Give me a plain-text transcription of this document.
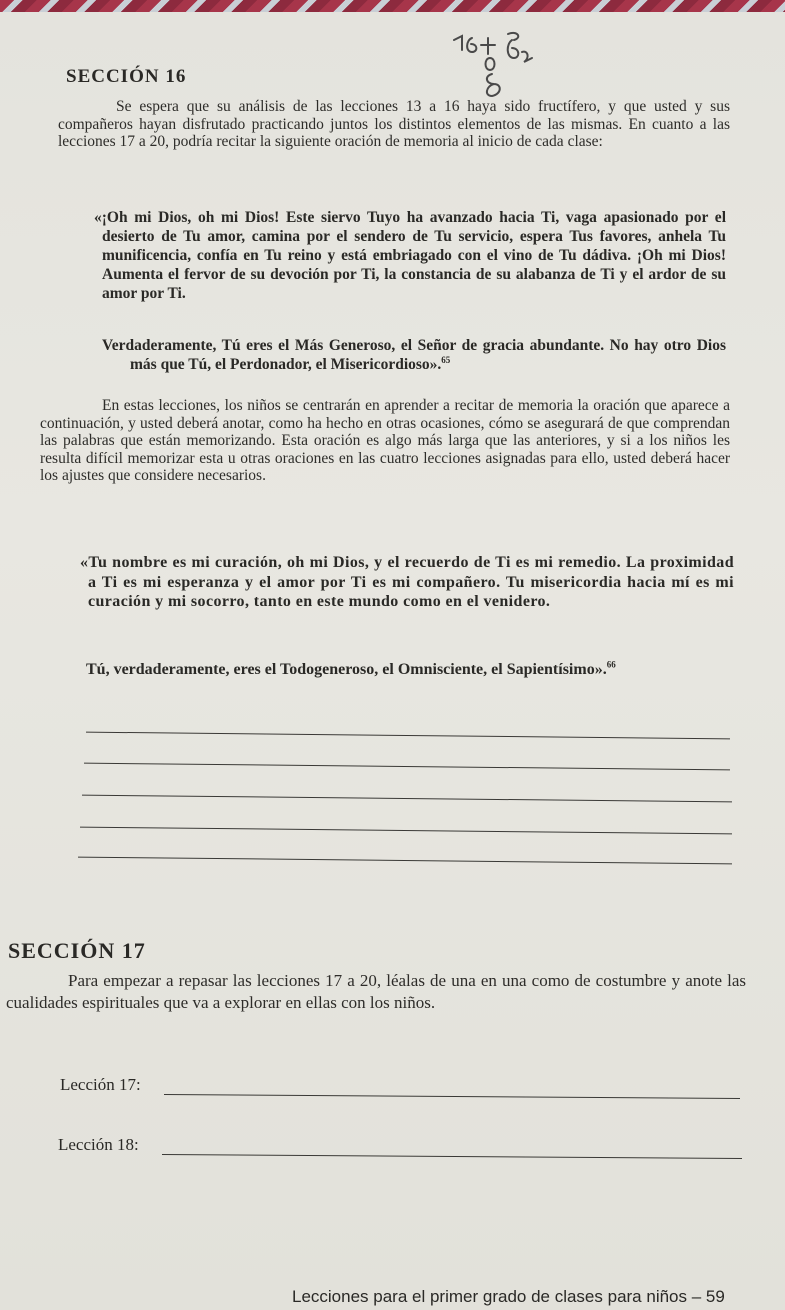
SECCIÓN 16
Se espera que su análisis de las lecciones 13 a 16 haya sido fructífero, y que usted y sus compañeros hayan disfrutado practicando juntos los distintos elementos de las mismas. En cuanto a las lecciones 17 a 20, podría recitar la siguiente oración de memoria al inicio de cada clase:
«¡Oh mi Dios, oh mi Dios! Este siervo Tuyo ha avanzado hacia Ti, vaga apasionado por el desierto de Tu amor, camina por el sendero de Tu servicio, espera Tus favores, anhela Tu munificencia, confía en Tu reino y está embriagado con el vino de Tu dádiva. ¡Oh mi Dios! Aumenta el fervor de su devoción por Ti, la constancia de su alabanza de Ti y el ardor de su amor por Ti.
Verdaderamente, Tú eres el Más Generoso, el Señor de gracia abundante. No hay otro Dios más que Tú, el Perdonador, el Misericordioso».$^{65}$
En estas lecciones, los niños se centrarán en aprender a recitar de memoria la oración que aparece a continuación, y usted deberá anotar, como ha hecho en otras ocasiones, cómo se asegurará de que comprendan las palabras que están memorizando. Esta oración es algo más larga que las anteriores, y si a los niños les resulta difícil memorizar esta u otras oraciones en las cuatro lecciones asignadas para ello, usted deberá hacer los ajustes que considere necesarios.
«Tu nombre es mi curación, oh mi Dios, y el recuerdo de Ti es mi remedio. La proximidad a Ti es mi esperanza y el amor por Ti es mi compañero. Tu misericordia hacia mí es mi curación y mi socorro, tanto en este mundo como en el venidero.
Tú, verdaderamente, eres el Todogeneroso, el Omnisciente, el Sapientísimo».$^{66}$
SECCIÓN 17
Para empezar a repasar las lecciones 17 a 20, léalas de una en una como de costumbre y anote las cualidades espirituales que va a explorar en ellas con los niños.
Lección 17:
Lección 18:
Lecciones para el primer grado de clases para niños – 59
